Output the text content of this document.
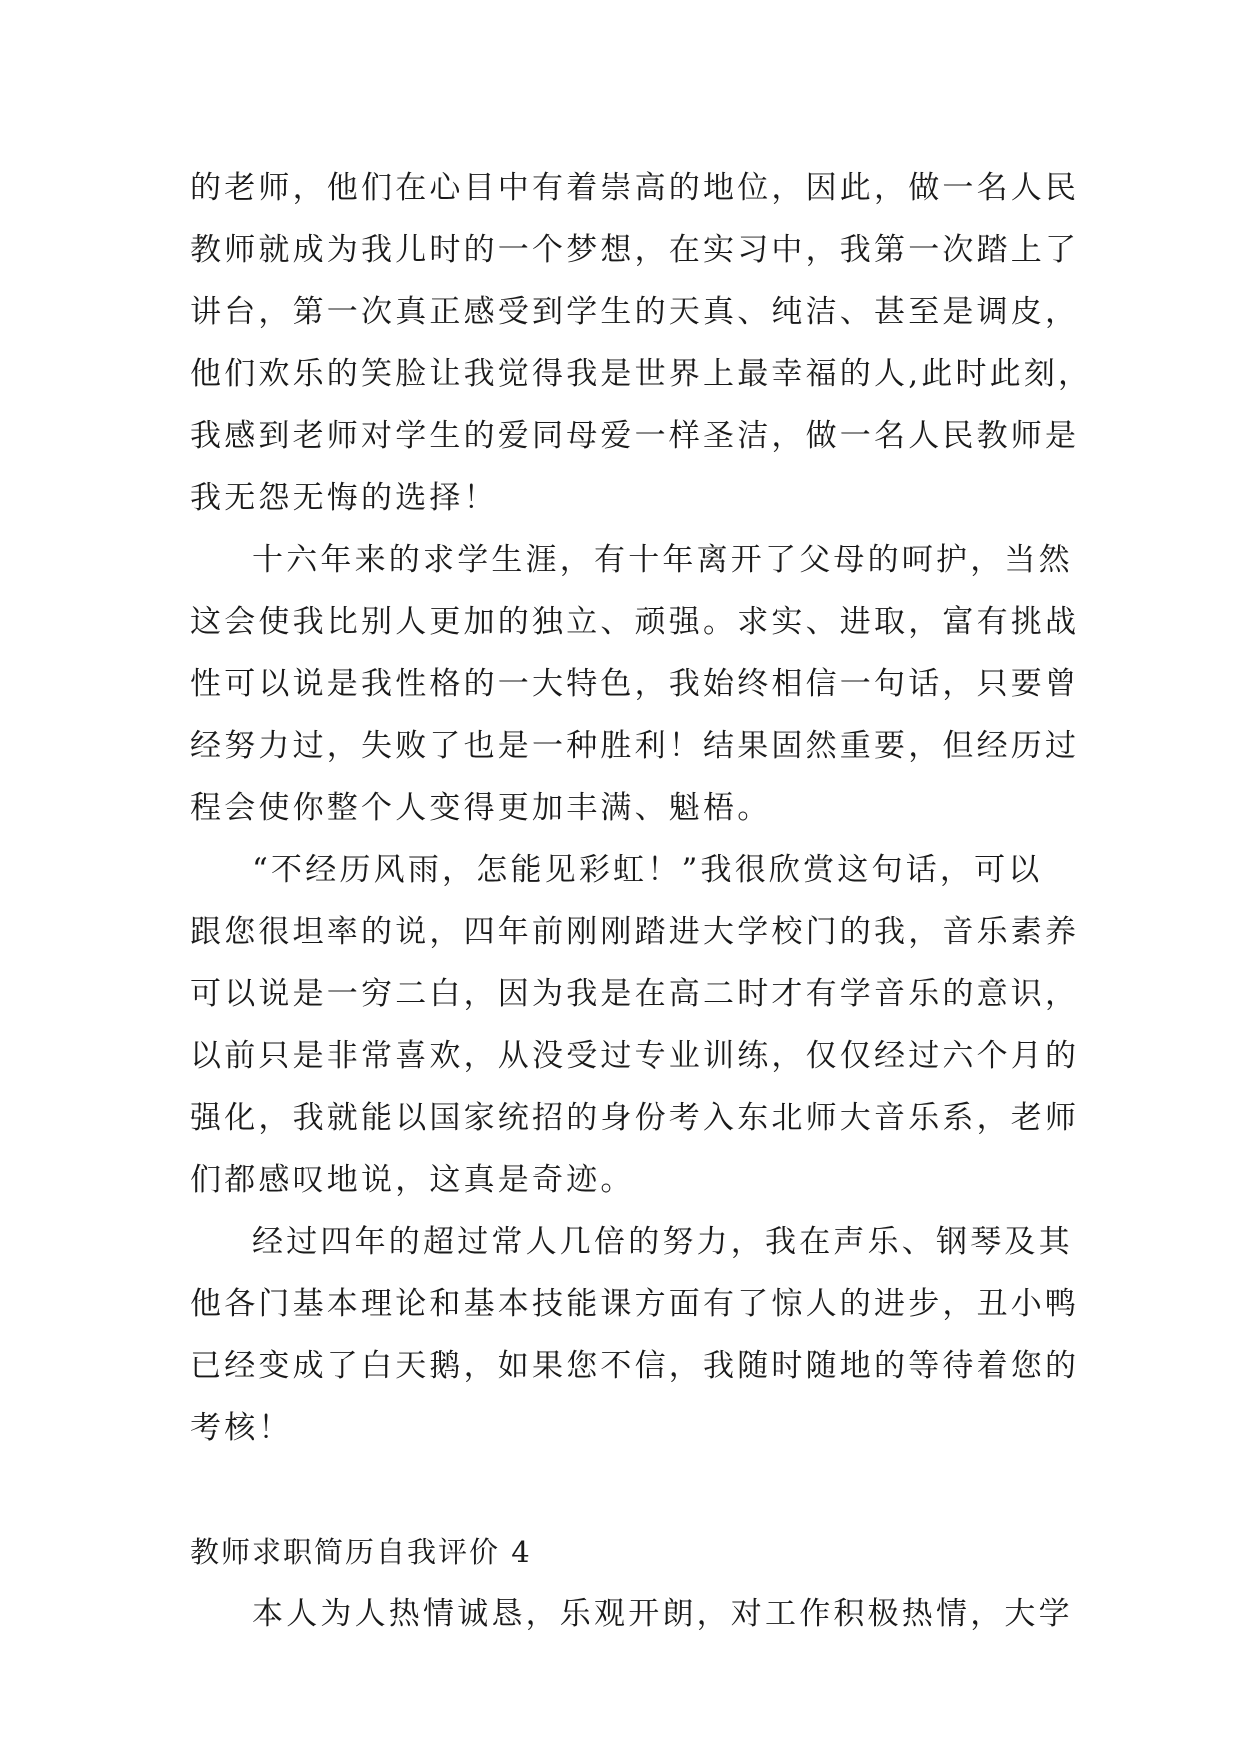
的老师，他们在心目中有着崇高的地位，因此，做一名人民
教师就成为我儿时的一个梦想，在实习中，我第一次踏上了
讲台，第一次真正感受到学生的天真、纯洁、甚至是调皮，
他们欢乐的笑脸让我觉得我是世界上最幸福的人,此时此刻，
我感到老师对学生的爱同母爱一样圣洁，做一名人民教师是
我无怨无悔的选择！
十六年来的求学生涯，有十年离开了父母的呵护，当然
这会使我比别人更加的独立、顽强。求实、进取，富有挑战
性可以说是我性格的一大特色，我始终相信一句话，只要曾
经努力过，失败了也是一种胜利！结果固然重要，但经历过
程会使你整个人变得更加丰满、魁梧。
“不经历风雨，怎能见彩虹！”我很欣赏这句话，可以
跟您很坦率的说，四年前刚刚踏进大学校门的我，音乐素养
可以说是一穷二白，因为我是在高二时才有学音乐的意识，
以前只是非常喜欢，从没受过专业训练，仅仅经过六个月的
强化，我就能以国家统招的身份考入东北师大音乐系，老师
们都感叹地说，这真是奇迹。
经过四年的超过常人几倍的努力，我在声乐、钢琴及其
他各门基本理论和基本技能课方面有了惊人的进步，丑小鸭
已经变成了白天鹅，如果您不信，我随时随地的等待着您的
考核！
教师求职简历自我评价 4
本人为人热情诚恳，乐观开朗，对工作积极热情，大学
